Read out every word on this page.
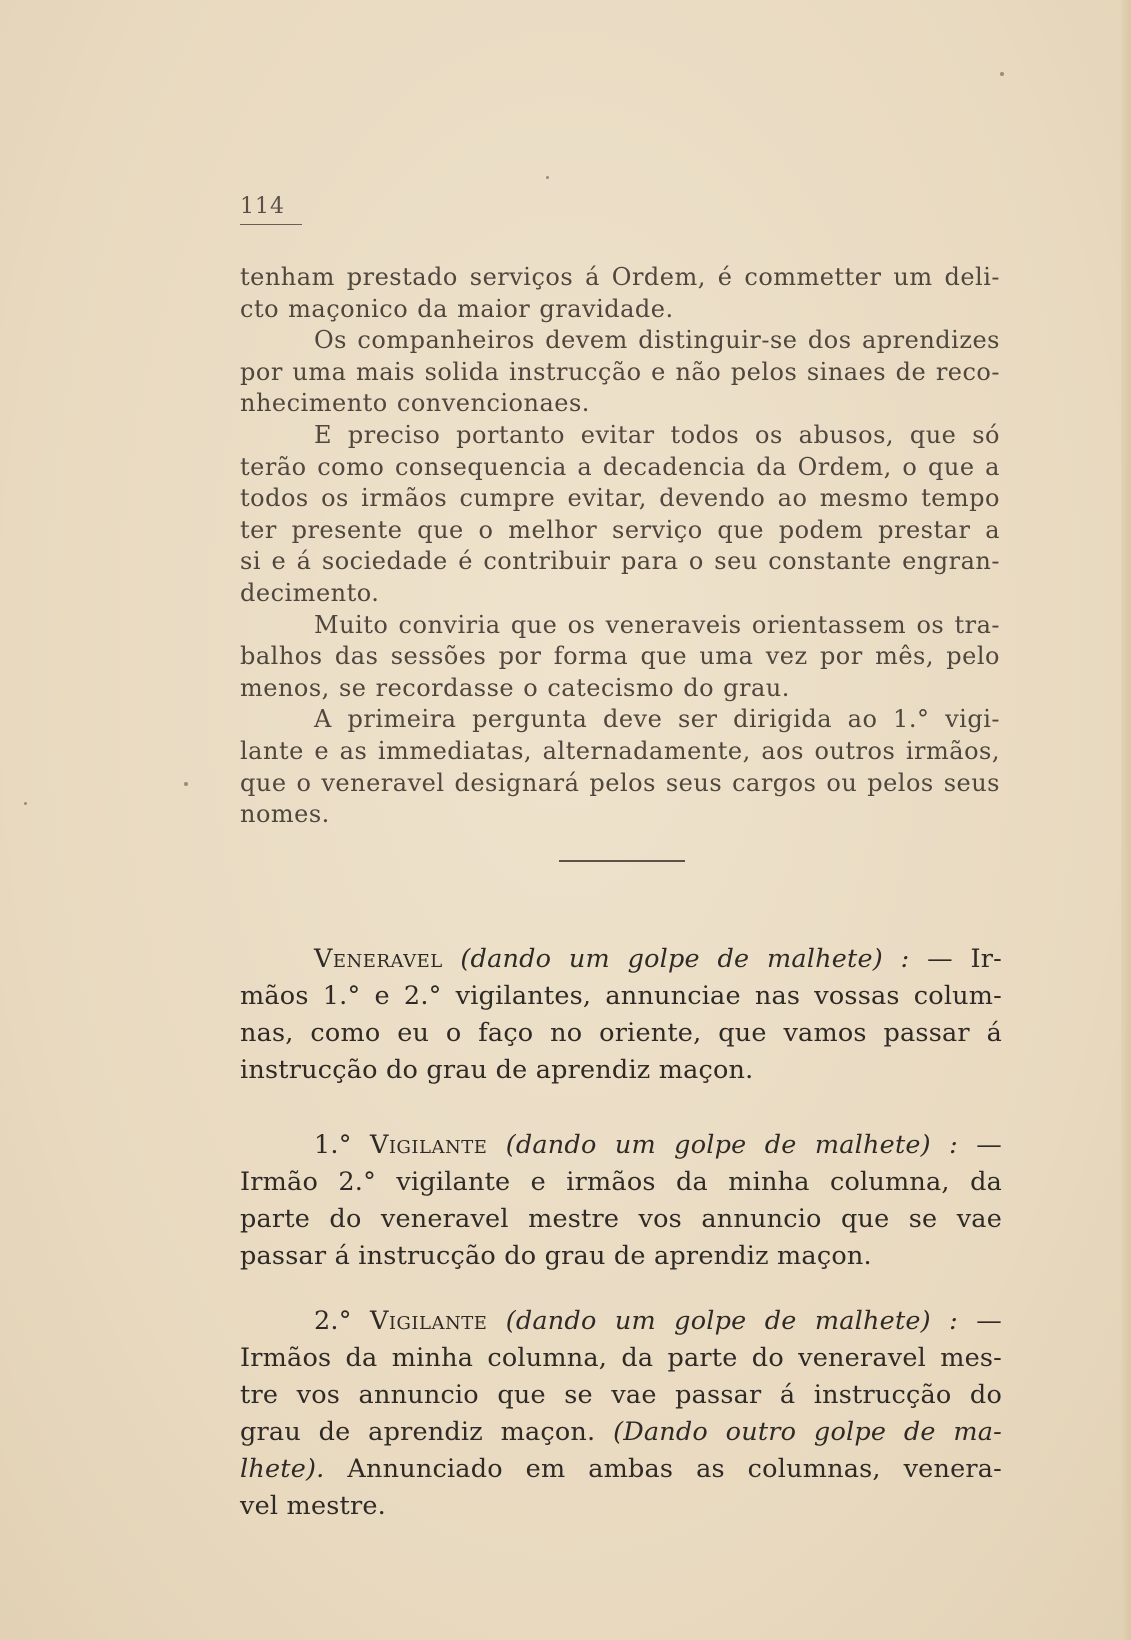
114
tenham prestado serviços á Ordem, é commetter um deli-
cto maçonico da maior gravidade.
Os companheiros devem distinguir-se dos aprendizes
por uma mais solida instrucção e não pelos sinaes de reco-
nhecimento convencionaes.
E preciso portanto evitar todos os abusos, que só
terão como consequencia a decadencia da Ordem, o que a
todos os irmãos cumpre evitar, devendo ao mesmo tempo
ter presente que o melhor serviço que podem prestar a
si e á sociedade é contribuir para o seu constante engran-
decimento.
Muito conviria que os veneraveis orientassem os tra-
balhos das sessões por forma que uma vez por mês, pelo
menos, se recordasse o catecismo do grau.
A primeira pergunta deve ser dirigida ao 1.° vigi-
lante e as immediatas, alternadamente, aos outros irmãos,
que o veneravel designará pelos seus cargos ou pelos seus
nomes.
Veneravel (dando um golpe de malhete) : — Ir-
mãos 1.° e 2.° vigilantes, annunciae nas vossas colum-
nas, como eu o faço no oriente, que vamos passar á
instrucção do grau de aprendiz maçon.
1.° Vigilante (dando um golpe de malhete) : —
Irmão 2.° vigilante e irmãos da minha columna, da
parte do veneravel mestre vos annuncio que se vae
passar á instrucção do grau de aprendiz maçon.
2.° Vigilante (dando um golpe de malhete) : —
Irmãos da minha columna, da parte do veneravel mes-
tre vos annuncio que se vae passar á instrucção do
grau de aprendiz maçon. (Dando outro golpe de ma-
lhete). Annunciado em ambas as columnas, venera-
vel mestre.
